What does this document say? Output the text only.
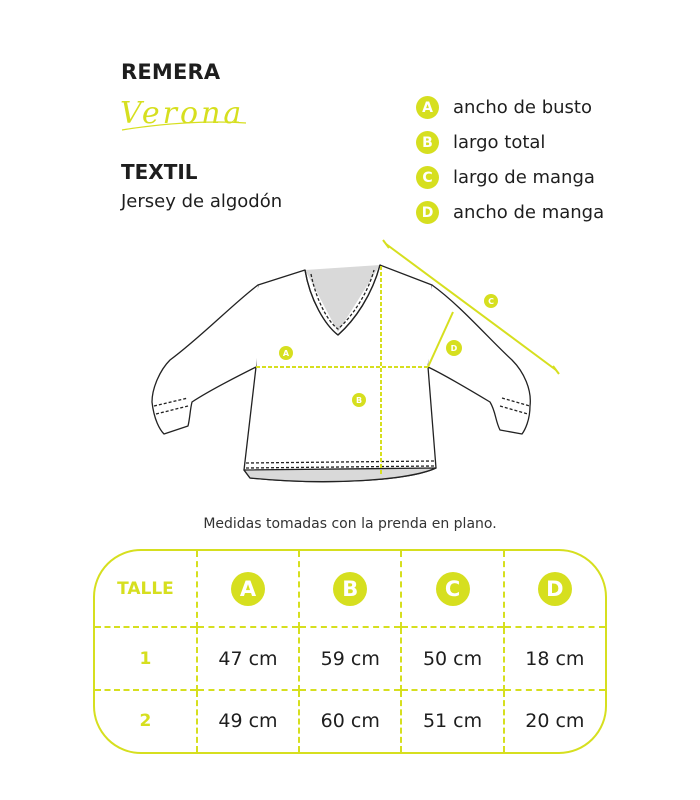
REMERA
Verona
TEXTIL
Jersey de algodón
A	ancho de busto
B	largo total
C	largo de manga
D	ancho de manga
A
B
C
D
Medidas tomadas con la prenda en plano.
TALLE	A	B	C	D
1	47 cm	59 cm	50 cm	18 cm
2	49 cm	60 cm	51 cm	20 cm
